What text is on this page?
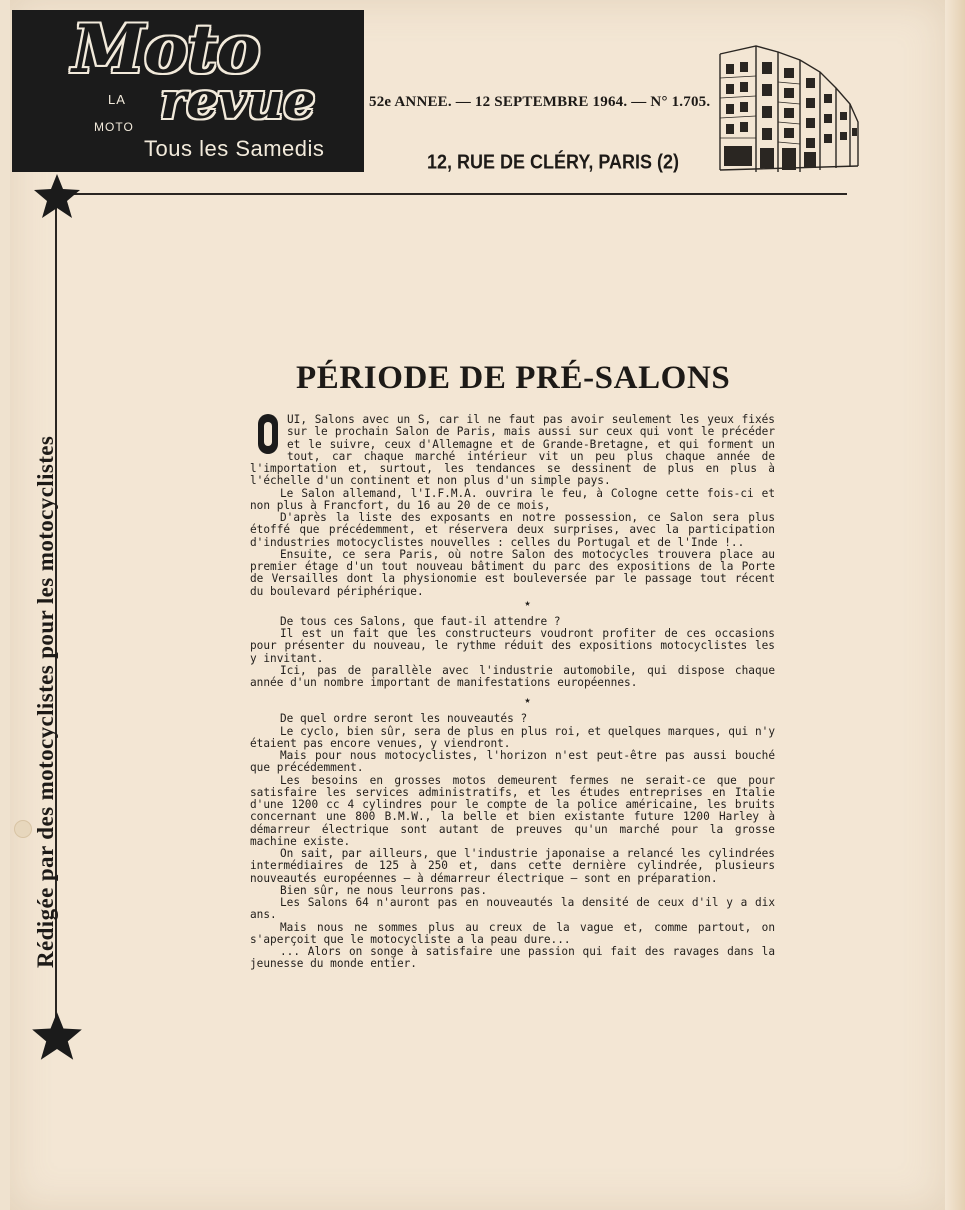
Moto
LA revue
MOTO
Tous les Samedis
52e ANNEE. — 12 SEPTEMBRE 1964. — N° 1.705.
12, RUE DE CLÉRY, PARIS (2)
Rédigée par des motocyclistes pour les motocyclistes
PÉRIODE DE PRÉ-SALONS

UI, Salons avec un S, car il ne faut pas avoir seulement les yeux fixés sur le prochain Salon de Paris, mais aussi sur ceux qui vont le précéder et le suivre, ceux d'Allemagne et de Grande-Bretagne, et qui forment un tout, car chaque marché intérieur vit un peu plus chaque année de l'importation et, surtout, les tendances se dessinent de plus en plus à l'échelle d'un continent et non plus d'un simple pays.

Le Salon allemand, l'I.F.M.A. ouvrira le feu, à Cologne cette fois-ci et non plus à Francfort, du 16 au 20 de ce mois,

D'après la liste des exposants en notre possession, ce Salon sera plus étoffé que précédemment, et réservera deux surprises, avec la participation d'industries motocyclistes nouvelles : celles du Portugal et de l'Inde !..

Ensuite, ce sera Paris, où notre Salon des motocycles trouvera place au premier étage d'un tout nouveau bâtiment du parc des expositions de la Porte de Versailles dont la physionomie est bouleversée par le passage tout récent du boulevard périphérique.

★

De tous ces Salons, que faut-il attendre ?

Il est un fait que les constructeurs voudront profiter de ces occasions pour présenter du nouveau, le rythme réduit des expositions motocyclistes les y invitant.

Ici, pas de parallèle avec l'industrie automobile, qui dispose chaque année d'un nombre important de manifestations européennes.

★

De quel ordre seront les nouveautés ?

Le cyclo, bien sûr, sera de plus en plus roi, et quelques marques, qui n'y étaient pas encore venues, y viendront.

Mais pour nous motocyclistes, l'horizon n'est peut-être pas aussi bouché que précédemment.

Les besoins en grosses motos demeurent fermes ne serait-ce que pour satisfaire les services administratifs, et les études entreprises en Italie d'une 1200 cc 4 cylindres pour le compte de la police américaine, les bruits concernant une 800 B.M.W., la belle et bien existante future 1200 Harley à démarreur électrique sont autant de preuves qu'un marché pour la grosse machine existe.

On sait, par ailleurs, que l'industrie japonaise a relancé les cylindrées intermédiaires de 125 à 250 et, dans cette dernière cylindrée, plusieurs nouveautés européennes — à démarreur électrique — sont en préparation.

Bien sûr, ne nous leurrons pas.

Les Salons 64 n'auront pas en nouveautés la densité de ceux d'il y a dix ans.

Mais nous ne sommes plus au creux de la vague et, comme partout, on s'aperçoit que le motocycliste a la peau dure...

... Alors on songe à satisfaire une passion qui fait des ravages dans la jeunesse du monde entier.
